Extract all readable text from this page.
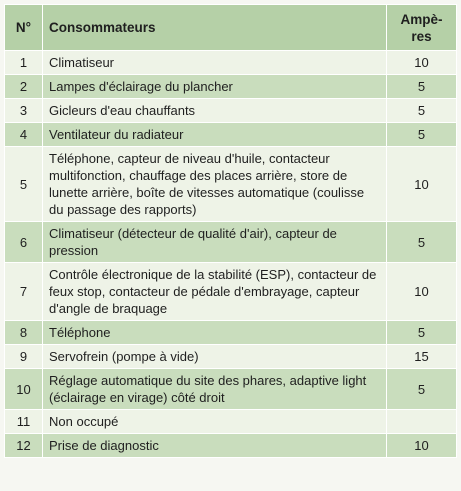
N°	Consommateurs	Ampè-
res
1	Climatiseur	10
2	Lampes d'éclairage du plancher	5
3	Gicleurs d'eau chauffants	5
4	Ventilateur du radiateur	5
5	Téléphone, capteur de niveau d'huile, contacteur multifonction, chauffage des places arrière, store de lunette arrière, boîte de vitesses automatique (coulisse du passage des rapports)	10
6	Climatiseur (détecteur de qualité d'air), capteur de pression	5
7	Contrôle électronique de la stabilité (ESP), contacteur de feux stop, contacteur de pédale d'embrayage, capteur d'angle de braquage	10
8	Téléphone	5
9	Servofrein (pompe à vide)	15
10	Réglage automatique du site des phares, adaptive light (éclairage en virage) côté droit	5
11	Non occupé	
12	Prise de diagnostic	10
